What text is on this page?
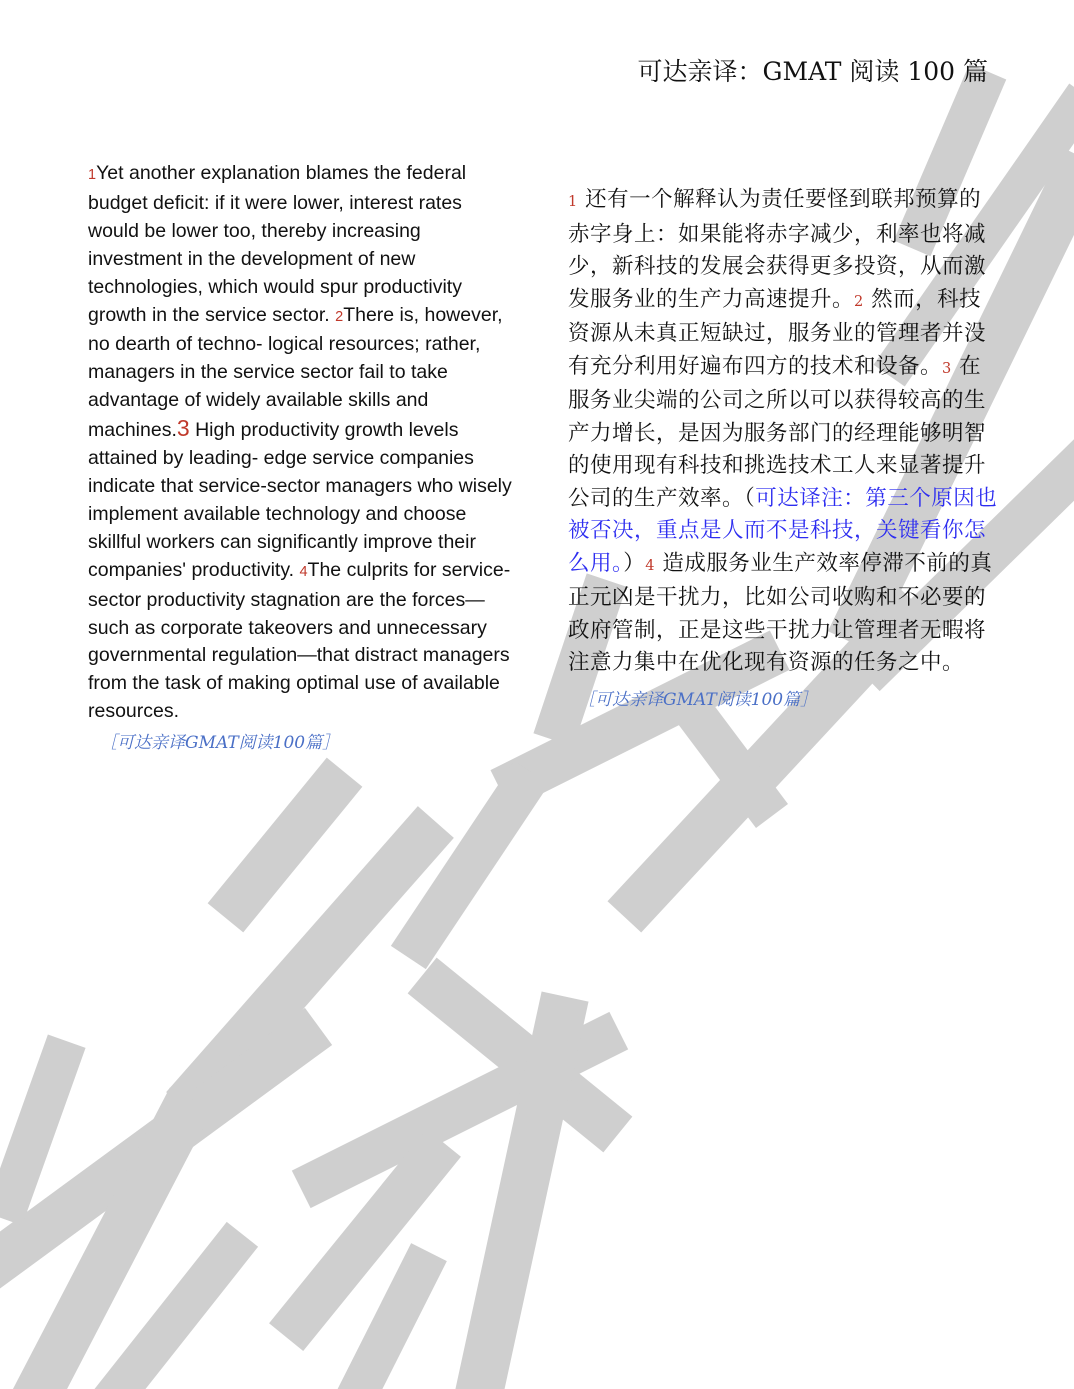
可达亲译：GMAT 阅读 100 篇

1Yet another explanation blames the federal budget deficit: if it were lower, interest rates would be lower too, thereby increasing investment in the development of new technologies, which would spur productivity growth in the service sector. 2There is, however, no dearth of techno- logical resources; rather, managers in the service sector fail to take advantage of widely available skills and machines.3 High productivity growth levels attained by leading- edge service companies indicate that service-sector managers who wisely implement available technology and choose skillful workers can significantly improve their companies' productivity. 4The culprits for service-sector productivity stagnation are the forces—such as corporate takeovers and unnecessary governmental regulation—that distract managers from the task of making optimal use of available resources.

［可达亲译GMAT阅读100篇］

1 还有一个解释认为责任要怪到联邦预算的赤字身上：如果能将赤字减少，利率也将减少，新科技的发展会获得更多投资，从而激发服务业的生产力高速提升。2 然而，科技资源从未真正短缺过，服务业的管理者并没有充分利用好遍布四方的技术和设备。3 在服务业尖端的公司之所以可以获得较高的生产力增长，是因为服务部门的经理能够明智的使用现有科技和挑选技术工人来显著提升公司的生产效率。（可达译注：第三个原因也被否决，重点是人而不是科技，关键看你怎么用。）4 造成服务业生产效率停滞不前的真正元凶是干扰力，比如公司收购和不必要的政府管制，正是这些干扰力让管理者无暇将注意力集中在优化现有资源的任务之中。

［可达亲译GMAT阅读100篇］
